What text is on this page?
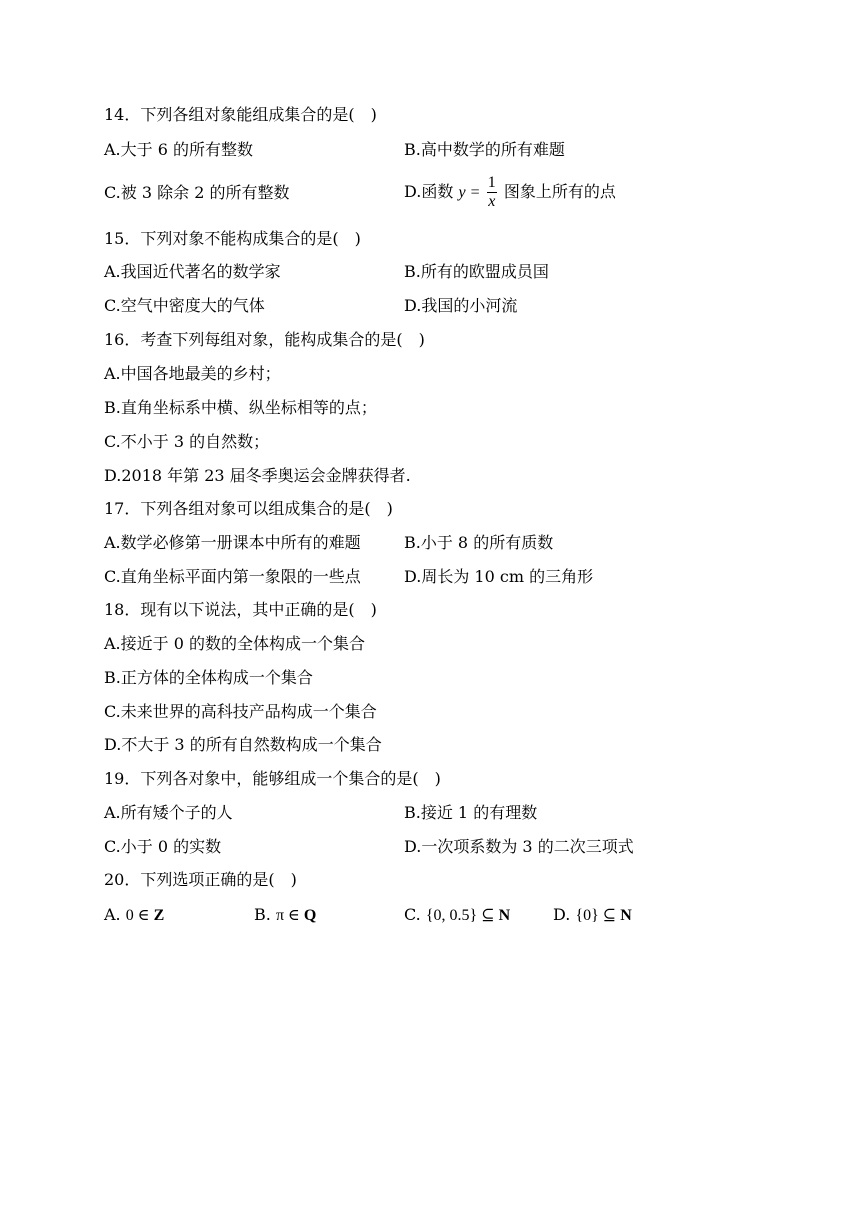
14．下列各组对象能组成集合的是(　)
A.大于 6 的所有整数	B.高中数学的所有难题
C.被 3 除余 2 的所有整数	D.函数 $y = \frac{1}{x}$ 图象上所有的点
15．下列对象不能构成集合的是(　)
A.我国近代著名的数学家	B.所有的欧盟成员国
C.空气中密度大的气体	D.我国的小河流
16．考查下列每组对象，能构成集合的是(　)
A.中国各地最美的乡村；
B.直角坐标系中横、纵坐标相等的点；
C.不小于 3 的自然数；
D.2018 年第 23 届冬季奥运会金牌获得者.
17．下列各组对象可以组成集合的是(　)
A.数学必修第一册课本中所有的难题	B.小于 8 的所有质数
C.直角坐标平面内第一象限的一些点	D.周长为 10 cm 的三角形
18．现有以下说法，其中正确的是(　)
A.接近于 0 的数的全体构成一个集合
B.正方体的全体构成一个集合
C.未来世界的高科技产品构成一个集合
D.不大于 3 的所有自然数构成一个集合
19．下列各对象中，能够组成一个集合的是(　)
A.所有矮个子的人	B.接近 1 的有理数
C.小于 0 的实数	D.一次项系数为 3 的二次三项式
20．下列选项正确的是(　)
A. 0 ∈ Z	B. π ∈ Q	C. {0, 0.5} ⊆ N	D. {0} ⊆ N
